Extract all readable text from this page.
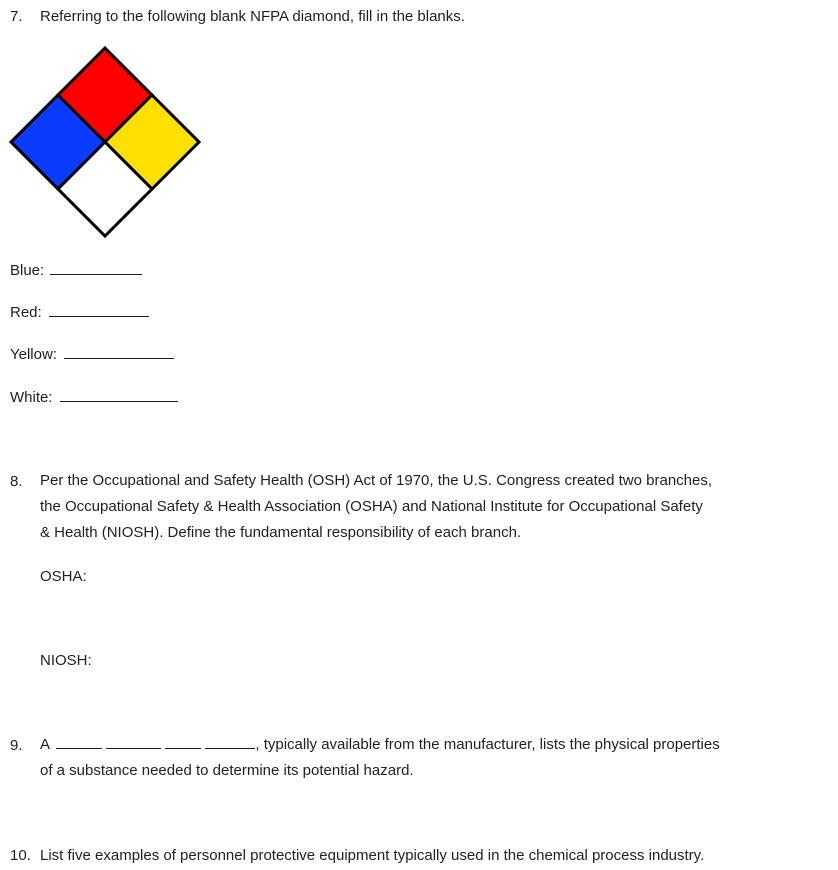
7. Referring to the following blank NFPA diamond, fill in the blanks.
Blue:
Red:
Yellow:
White:
8. Per the Occupational and Safety Health (OSH) Act of 1970, the U.S. Congress created two branches,
the Occupational Safety & Health Association (OSHA) and National Institute for Occupational Safety
& Health (NIOSH). Define the fundamental responsibility of each branch.
OSHA:
NIOSH:
9. A	, typically available from the manufacturer, lists the physical properties
of a substance needed to determine its potential hazard.
10. List five examples of personnel protective equipment typically used in the chemical process industry.
